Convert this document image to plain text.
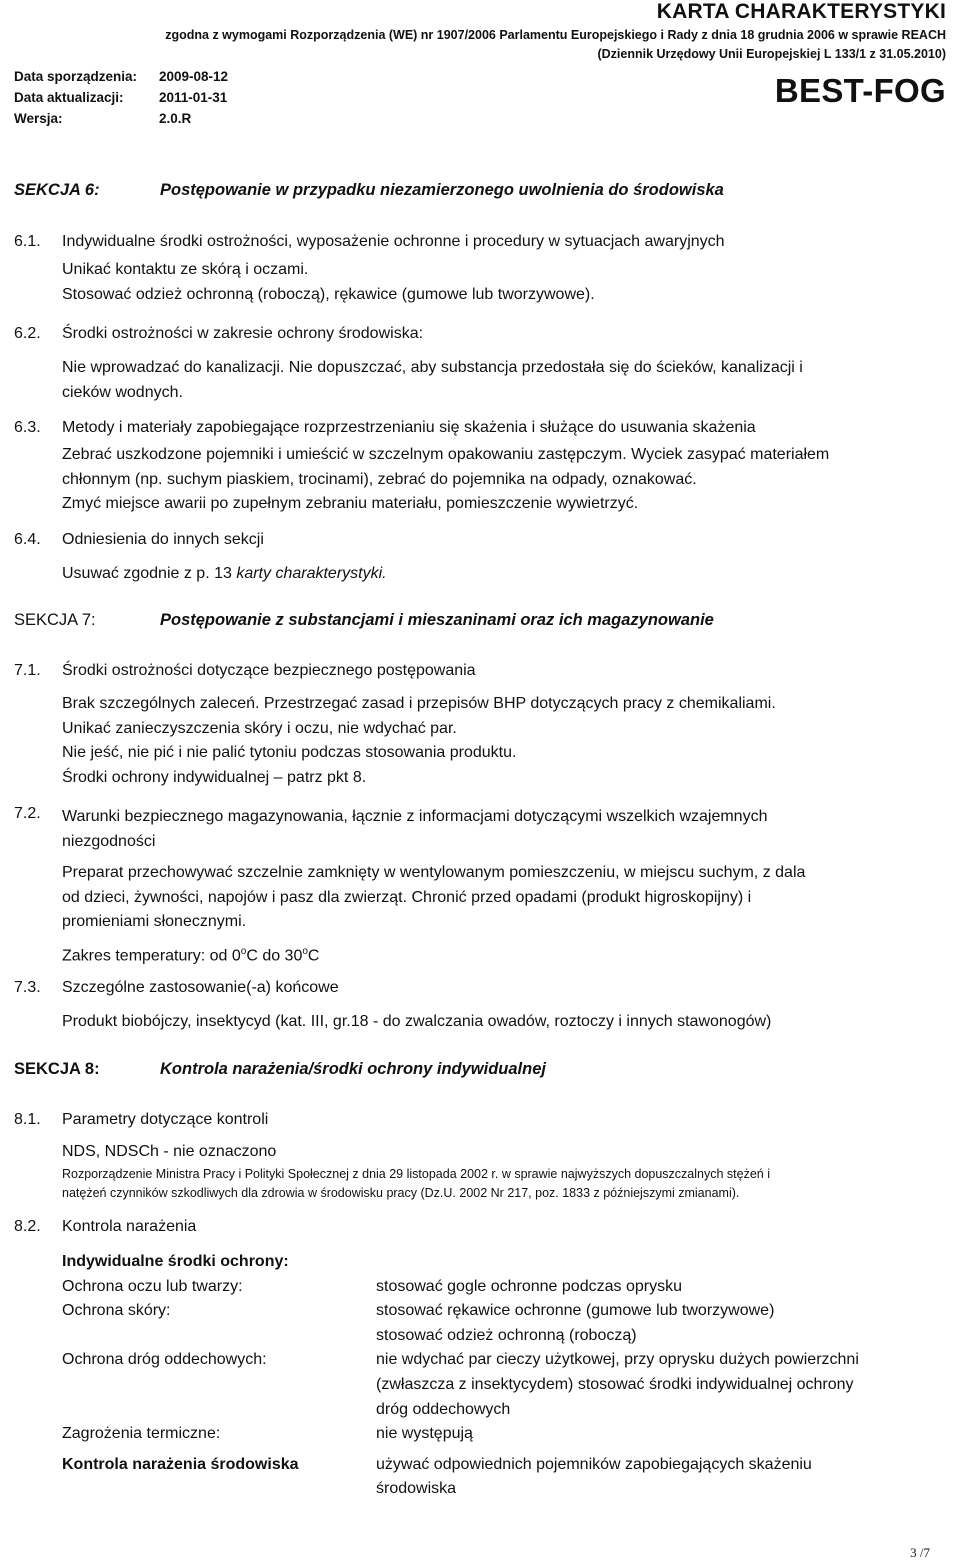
KARTA CHARAKTERYSTYKI
zgodna z wymogami Rozporządzenia (WE) nr 1907/2006 Parlamentu Europejskiego i Rady z dnia 18 grudnia 2006 w sprawie REACH
(Dziennik Urzędowy Unii Europejskiej L 133/1 z 31.05.2010)
Data sporządzenia:	2009-08-12
Data aktualizacji:	2011-01-31
Wersja:	2.0.R
BEST-FOG
SEKCJA 6:	Postępowanie w przypadku niezamierzonego uwolnienia do środowiska
6.1. Indywidualne środki ostrożności, wyposażenie ochronne i procedury w sytuacjach awaryjnych

Unikać kontaktu ze skórą i oczami.

Stosować odzież ochronną (roboczą), rękawice (gumowe lub tworzywowe).

6.2. Środki ostrożności w zakresie ochrony środowiska:

Nie wprowadzać do kanalizacji. Nie dopuszczać, aby substancja przedostała się do ścieków, kanalizacji i

cieków wodnych.

6.3. Metody i materiały zapobiegające rozprzestrzenianiu się skażenia i służące do usuwania skażenia

Zebrać uszkodzone pojemniki i umieścić w szczelnym opakowaniu zastępczym. Wyciek zasypać materiałem

chłonnym (np. suchym piaskiem, trocinami), zebrać do pojemnika na odpady, oznakować.

Zmyć miejsce awarii po zupełnym zebraniu materiału, pomieszczenie wywietrzyć.

6.4. Odniesienia do innych sekcji
Usuwać zgodnie z p. 13 karty charakterystyki.
SEKCJA 7:	Postępowanie z substancjami i mieszaninami oraz ich magazynowanie
7.1. Środki ostrożności dotyczące bezpiecznego postępowania

Brak szczególnych zaleceń. Przestrzegać zasad i przepisów BHP dotyczących pracy z chemikaliami.

Unikać zanieczyszczenia skóry i oczu, nie wdychać par.

Nie jeść, nie pić i nie palić tytoniu podczas stosowania produktu.

Środki ochrony indywidualnej – patrz pkt 8.

7.2. Warunki bezpiecznego magazynowania, łącznie z informacjami dotyczącymi wszelkich wzajemnych

niezgodności

Preparat przechowywać szczelnie zamknięty w wentylowanym pomieszczeniu, w miejscu suchym, z dala

od dzieci, żywności, napojów i pasz dla zwierząt. Chronić przed opadami (produkt higroskopijny) i

promieniami słonecznymi.

Zakres temperatury: od 0$^o$C do 30$^o$C
7.3. Szczególne zastosowanie(-a) końcowe
Produkt biobójczy, insektycyd (kat. III, gr.18 - do zwalczania owadów, roztoczy i innych stawonogów)
SEKCJA 8:	Kontrola narażenia/środki ochrony indywidualnej
8.1. Parametry dotyczące kontroli
NDS, NDSCh - nie oznaczono
Rozporządzenie Ministra Pracy i Polityki Społecznej z dnia 29 listopada 2002 r. w sprawie najwyższych dopuszczalnych stężeń i
natężeń czynników szkodliwych dla zdrowia w środowisku pracy (Dz.U. 2002 Nr 217, poz. 1833 z późniejszymi zmianami).
8.2. Kontrola narażenia
Indywidualne środki ochrony:
Ochrona oczu lub twarzy:	stosować gogle ochronne podczas oprysku
Ochrona skóry:	stosować rękawice ochronne (gumowe lub tworzywowe)
stosować odzież ochronną (roboczą)
Ochrona dróg oddechowych:	nie wdychać par cieczy użytkowej, przy oprysku dużych powierzchni
(zwłaszcza z insektycydem) stosować środki indywidualnej ochrony
dróg oddechowych
Zagrożenia termiczne:	nie występują
Kontrola narażenia środowiska	używać odpowiednich pojemników zapobiegających skażeniu
środowiska
3 /7
